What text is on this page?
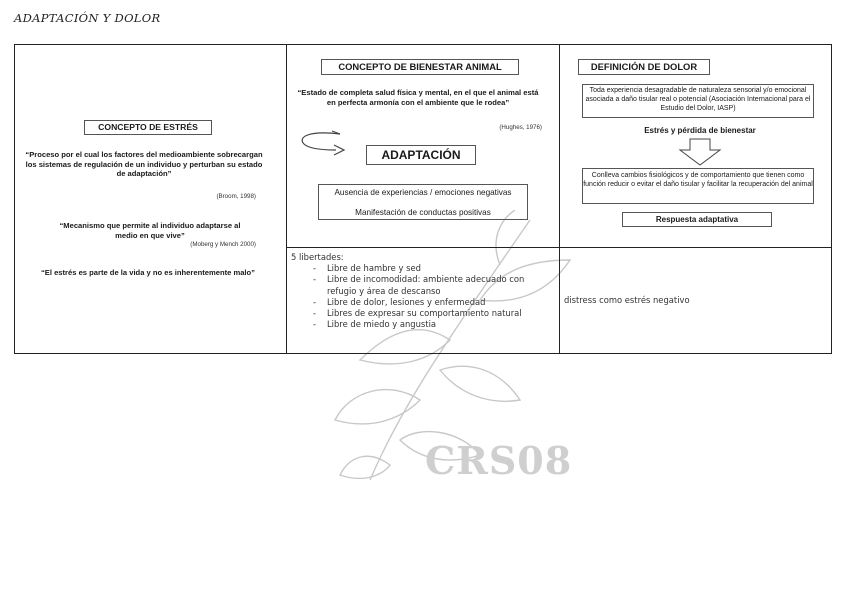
ADAPTACIÓN Y DOLOR
CRS08
CONCEPTO DE ESTRÉS
“Proceso por el cual los factores del medioambiente sobrecargan los sistemas de regulación de un individuo y perturban su estado de adaptación”
(Broom, 1998)
“Mecanismo que permite al individuo adaptarse al medio en que vive”
(Moberg y Mench 2000)
“El estrés es parte de la vida y no es inherentemente malo”
CONCEPTO DE BIENESTAR ANIMAL
“Estado de completa salud física y mental, en el que el animal está en perfecta armonía con el ambiente que le rodea”
(Hughes, 1976)
ADAPTACIÓN
Ausencia de experiencias / emociones negativas
Manifestación de conductas positivas
5 libertades:
- Libre de hambre y sed
- Libre de incomodidad: ambiente adecuado con refugio y área de descanso
- Libre de dolor, lesiones y enfermedad
- Libres de expresar su comportamiento natural
- Libre de miedo y angustia
DEFINICIÓN DE DOLOR
Toda experiencia desagradable de naturaleza sensorial y/o emocional asociada a daño tisular real o potencial (Asociación Internacional para el Estudio del Dolor, IASP)
Estrés y pérdida de bienestar
Conlleva cambios fisiológicos y de comportamiento que tienen como función reducir o evitar el daño tisular y facilitar la recuperación del animal
Respuesta adaptativa
distress como estrés negativo
